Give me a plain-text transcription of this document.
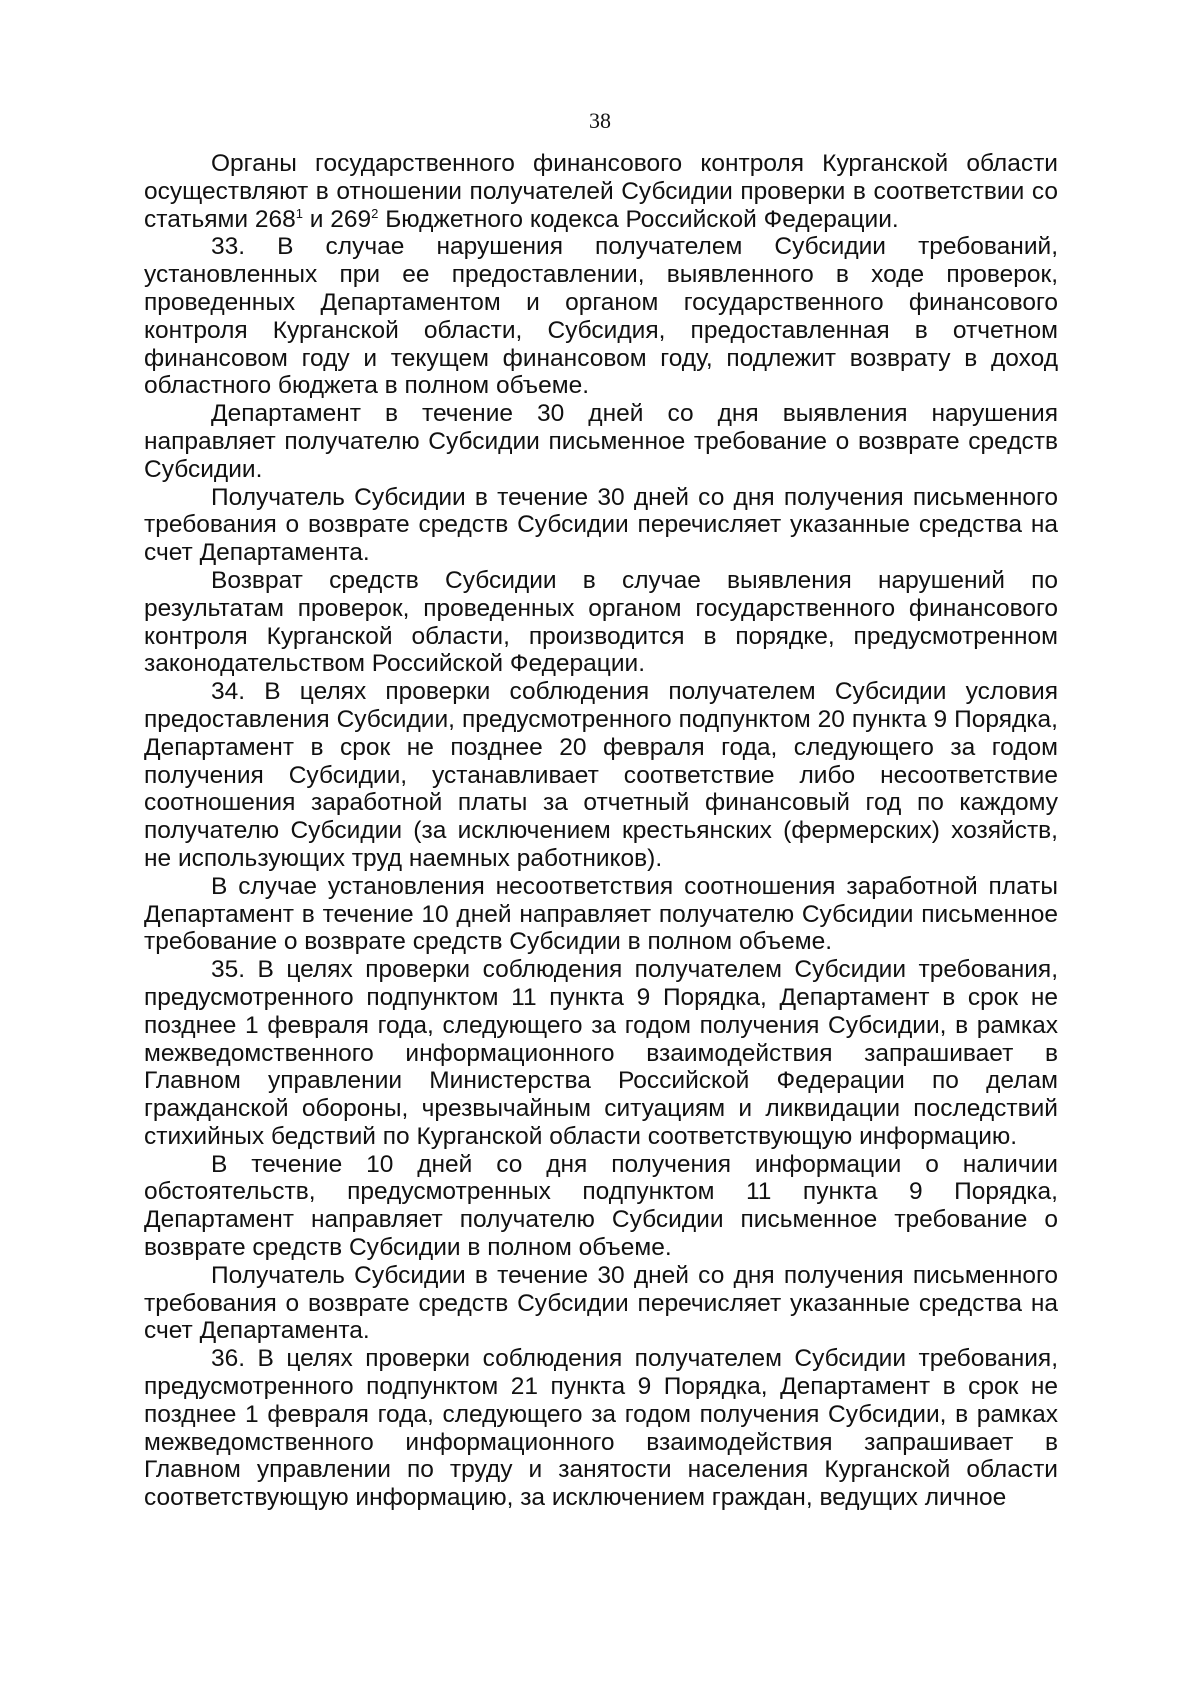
38

Органы государственного финансового контроля Курганской области осуществляют в отношении получателей Субсидии проверки в соответствии со статьями $268^1$ и $269^2$ Бюджетного кодекса Российской Федерации.

33. В случае нарушения получателем Субсидии требований, установленных при ее предоставлении, выявленного в ходе проверок, проведенных Департаментом и органом государственного финансового контроля Курганской области, Субсидия, предоставленная в отчетном финансовом году и текущем финансовом году, подлежит возврату в доход областного бюджета в полном объеме.

Департамент в течение 30 дней со дня выявления нарушения направляет получателю Субсидии письменное требование о возврате средств Субсидии.

Получатель Субсидии в течение 30 дней со дня получения письменного требования о возврате средств Субсидии перечисляет указанные средства на счет Департамента.

Возврат средств Субсидии в случае выявления нарушений по результатам проверок, проведенных органом государственного финансового контроля Курганской области, производится в порядке, предусмотренном законодательством Российской Федерации.

34. В целях проверки соблюдения получателем Субсидии условия предоставления Субсидии, предусмотренного подпунктом 20 пункта 9 Порядка, Департамент в срок не позднее 20 февраля года, следующего за годом получения Субсидии, устанавливает соответствие либо несоответствие соотношения заработной платы за отчетный финансовый год по каждому получателю Субсидии (за исключением крестьянских (фермерских) хозяйств, не использующих труд наемных работников).

В случае установления несоответствия соотношения заработной платы Департамент в течение 10 дней направляет получателю Субсидии письменное требование о возврате средств Субсидии в полном объеме.

35. В целях проверки соблюдения получателем Субсидии требования, предусмотренного подпунктом 11 пункта 9 Порядка, Департамент в срок не позднее 1 февраля года, следующего за годом получения Субсидии, в рамках межведомственного информационного взаимодействия запрашивает в Главном управлении Министерства Российской Федерации по делам гражданской обороны, чрезвычайным ситуациям и ликвидации последствий стихийных бедствий по Курганской области соответствующую информацию.

В течение 10 дней со дня получения информации о наличии обстоятельств, предусмотренных подпунктом 11 пункта 9 Порядка, Департамент направляет получателю Субсидии письменное требование о возврате средств Субсидии в полном объеме.

Получатель Субсидии в течение 30 дней со дня получения письменного требования о возврате средств Субсидии перечисляет указанные средства на счет Департамента.

36. В целях проверки соблюдения получателем Субсидии требования, предусмотренного подпунктом 21 пункта 9 Порядка, Департамент в срок не позднее 1 февраля года, следующего за годом получения Субсидии, в рамках межведомственного информационного взаимодействия запрашивает в Главном управлении по труду и занятости населения Курганской области соответствующую информацию, за исключением граждан, ведущих личное
